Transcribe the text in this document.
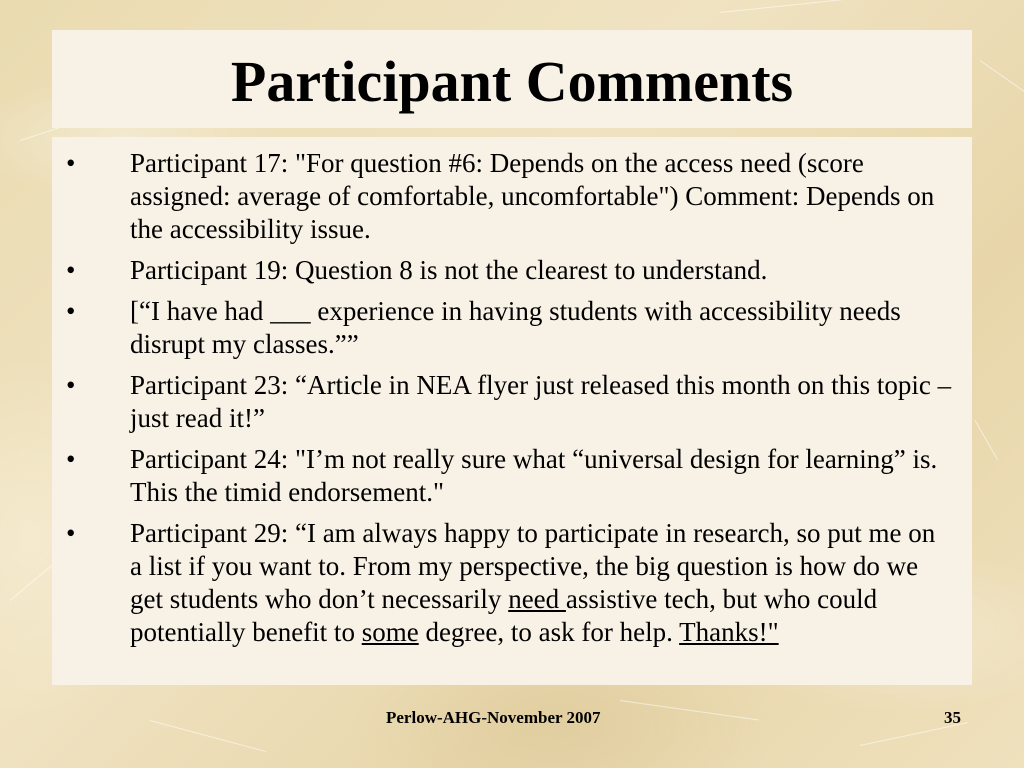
Participant Comments
• Participant 17: "For question #6: Depends on the access need (score assigned: average of comfortable, uncomfortable") Comment: Depends on the accessibility issue.
• Participant 19: Question 8 is not the clearest to understand.
• [“I have had ___ experience in having students with accessibility needs disrupt my classes.””
• Participant 23: “Article in NEA flyer just released this month on this topic – just read it!”
• Participant 24: "I’m not really sure what “universal design for learning” is. This the timid endorsement."
• Participant 29: “I am always happy to participate in research, so put me on a list if you want to. From my perspective, the big question is how do we get students who don’t necessarily need assistive tech, but who could potentially benefit to some degree, to ask for help. Thanks!"
Perlow-AHG-November 2007	35
